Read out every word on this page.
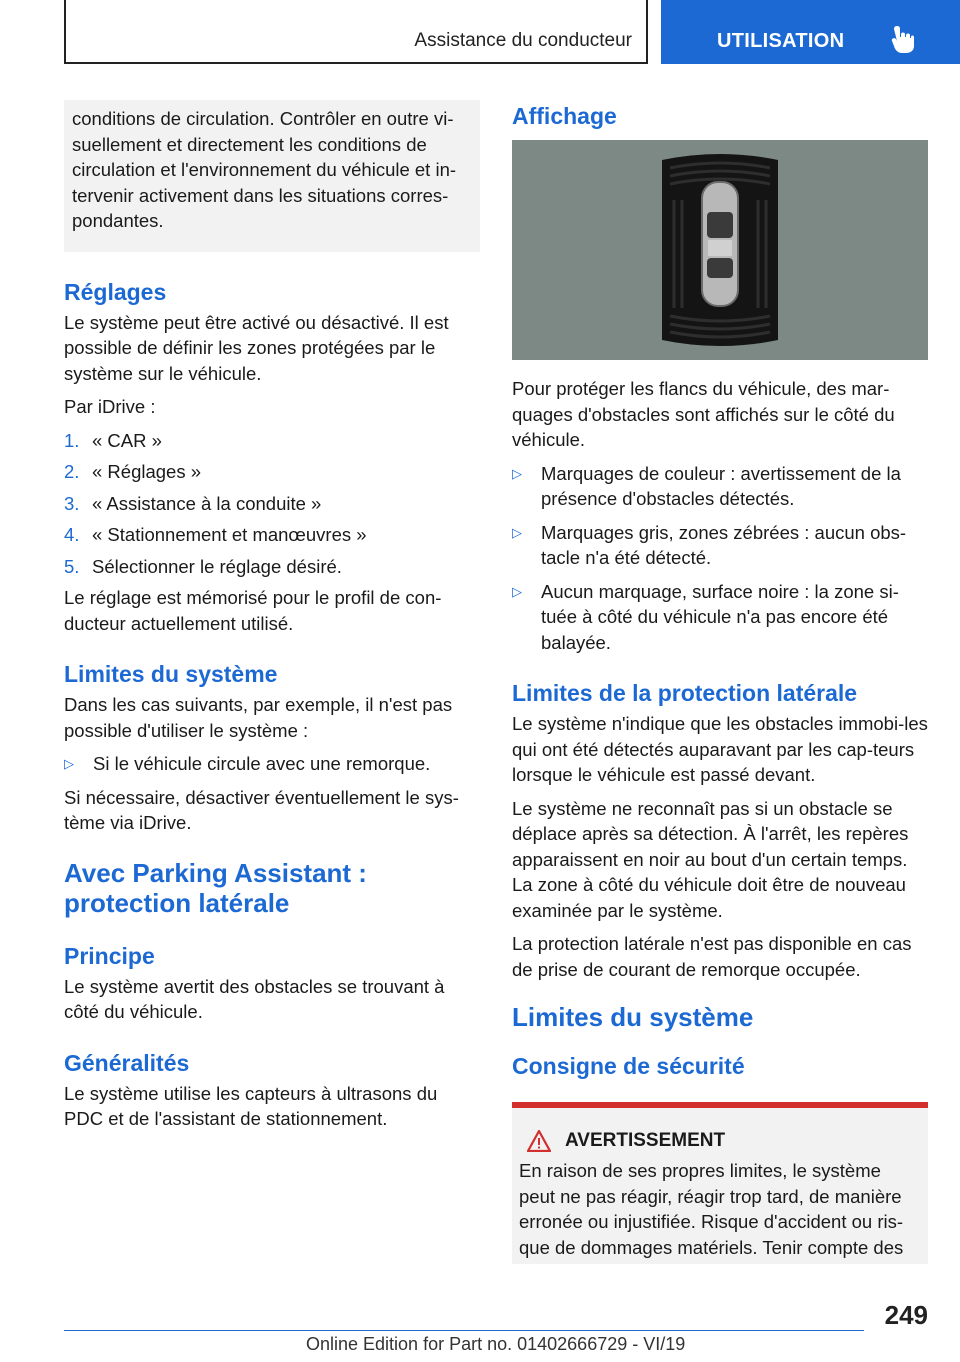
Assistance du conducteur	UTILISATION

conditions de circulation. Contrôler en outre vi-suellement et directement les conditions de circulation et l'environnement du véhicule et in-tervenir activement dans les situations corres-pondantes.

Réglages

Le système peut être activé ou désactivé. Il est possible de définir les zones protégées par le système sur le véhicule.

Par iDrive :

1. « CAR »
2. « Réglages »
3. « Assistance à la conduite »
4. « Stationnement et manœuvres »
5. Sélectionner le réglage désiré.

Le réglage est mémorisé pour le profil de con-ducteur actuellement utilisé.

Limites du système

Dans les cas suivants, par exemple, il n'est pas possible d'utiliser le système :

▷	Si le véhicule circule avec une remorque.

Si nécessaire, désactiver éventuellement le sys-tème via iDrive.

Avec Parking Assistant :
protection latérale
Principe

Le système avertit des obstacles se trouvant à côté du véhicule.

Généralités

Le système utilise les capteurs à ultrasons du PDC et de l'assistant de stationnement.

Affichage

Pour protéger les flancs du véhicule, des mar-quages d'obstacles sont affichés sur le côté du véhicule.

▷	Marquages de couleur : avertissement de la présence d'obstacles détectés.
▷	Marquages gris, zones zébrées : aucun obs-tacle n'a été détecté.
▷	Aucun marquage, surface noire : la zone si-tuée à côté du véhicule n'a pas encore été balayée.
Limites de la protection latérale

Le système n'indique que les obstacles immobi-les qui ont été détectés auparavant par les cap-teurs lorsque le véhicule est passé devant.

Le système ne reconnaît pas si un obstacle se déplace après sa détection. À l'arrêt, les repères apparaissent en noir au bout d'un certain temps. La zone à côté du véhicule doit être de nouveau examinée par le système.

La protection latérale n'est pas disponible en cas de prise de courant de remorque occupée.

Limites du système
Consigne de sécurité
AVERTISSEMENT
En raison de ses propres limites, le système peut ne pas réagir, réagir trop tard, de manière erronée ou injustifiée. Risque d'accident ou ris-que de dommages matériels. Tenir compte des
249
Online Edition for Part no. 01402666729 - VI/19
